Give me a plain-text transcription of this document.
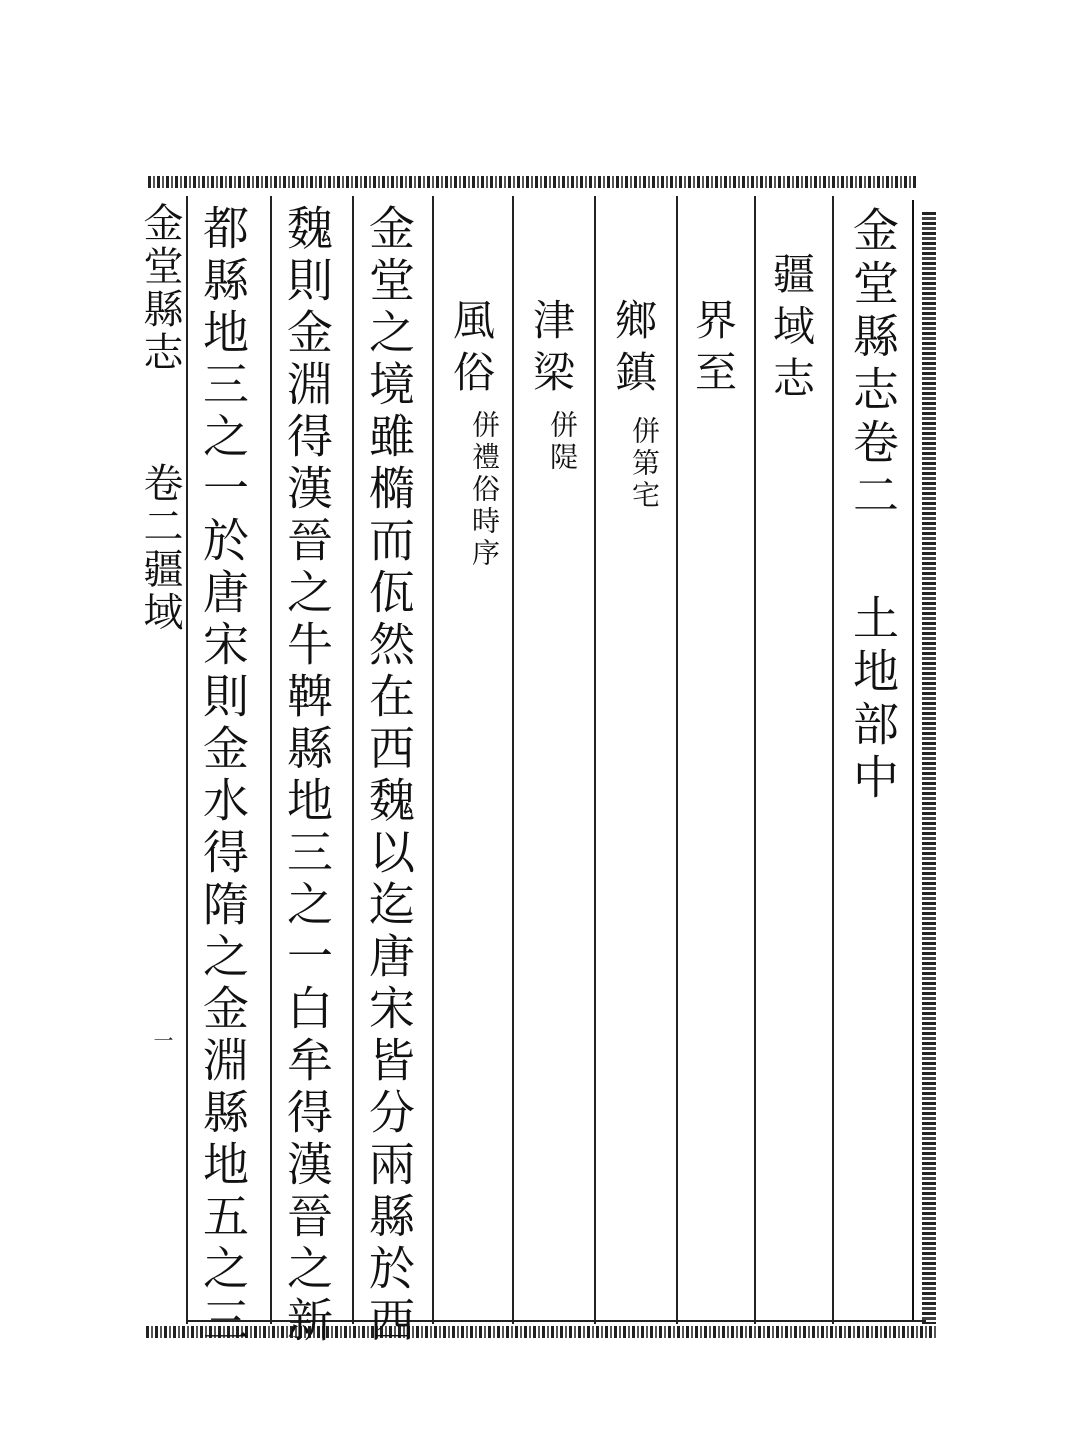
金堂縣志卷二土地部中
疆域志
界至
鄉鎮
併第宅
津梁
併隄
風俗
併禮俗時序
金堂之境雖橢而佤然在西魏以迄唐宋皆分兩縣於西
魏則金淵得漢晉之牛鞞縣地三之一白牟得漢晉之新
都縣地三之一於唐宋則金水得隋之金淵縣地五之三
金堂縣志
卷二疆域
一
